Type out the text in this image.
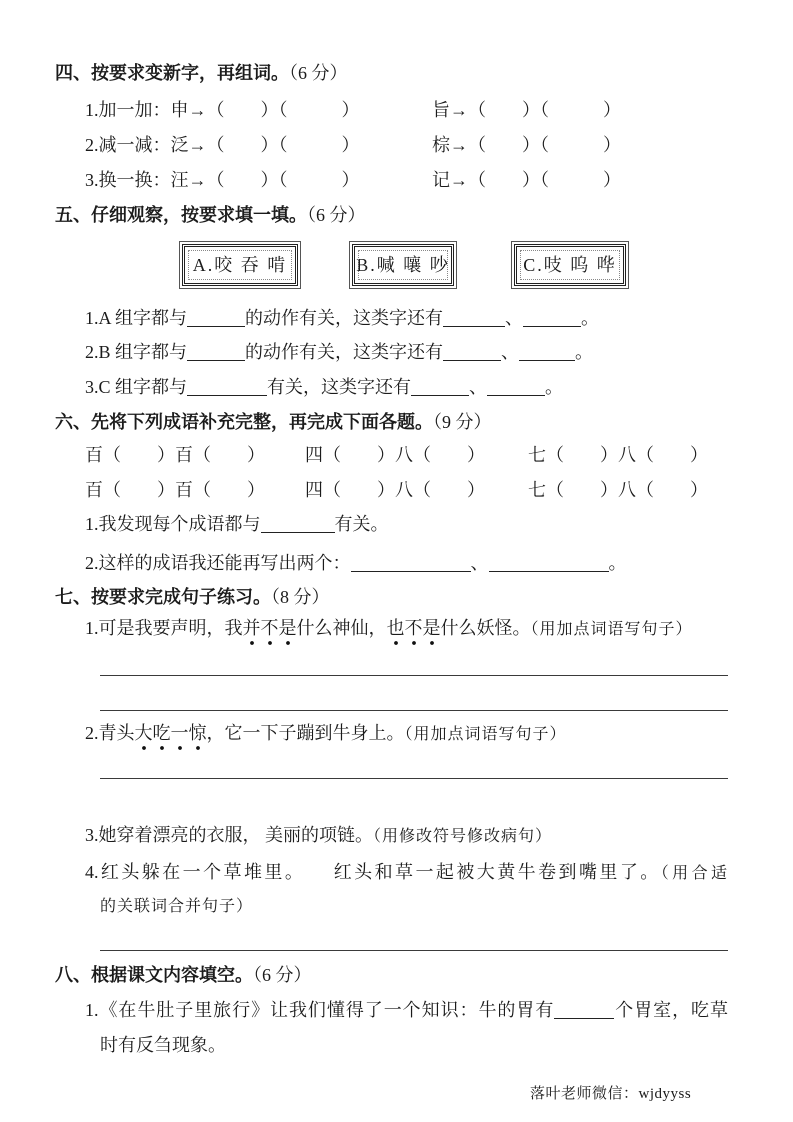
四、按要求变新字，再组词。（6 分）
1.加一加：申→（　　）（　　　）	旨→（　　）（　　　）
2.减一减：泛→（　　）（　　　）	棕→（　　）（　　　）
3.换一换：汪→（　　）（　　　）	记→（　　）（　　　）
五、仔细观察，按要求填一填。（6 分）
A.咬 吞 啃	B.喊 嚷 吵	C.吱 呜 哗
1.A 组字都与	的动作有关，这类字还有	、	。
2.B 组字都与	的动作有关，这类字还有	、	。
3.C 组字都与	有关，这类字还有	、	。
六、先将下列成语补充完整，再完成下面各题。（9 分）
百（　　）百（　　） 四（　　）八（　　） 七（　　）八（　　）
百（　　）百（　　） 四（　　）八（　　） 七（　　）八（　　）
1.我发现每个成语都与	有关。
2.这样的成语我还能再写出两个：	、	。
七、按要求完成句子练习。（8 分）
1.可是我要声明，我并不是什么神仙，也不是什么妖怪。（用加点词语写句子）
2.青头大吃一惊，它一下子蹦到牛身上。（用加点词语写句子）
3.她穿着漂亮的衣服， 美丽的项链。（用修改符号修改病句）
4.红头躲在一个草堆里。 红头和草一起被大黄牛卷到嘴里了。（用合适
的关联词合并句子）
八、根据课文内容填空。（6 分）
1.《在牛肚子里旅行》让我们懂得了一个知识：牛的胃有	个胃室，吃草
时有反刍现象。
落叶老师微信：wjdyyss
